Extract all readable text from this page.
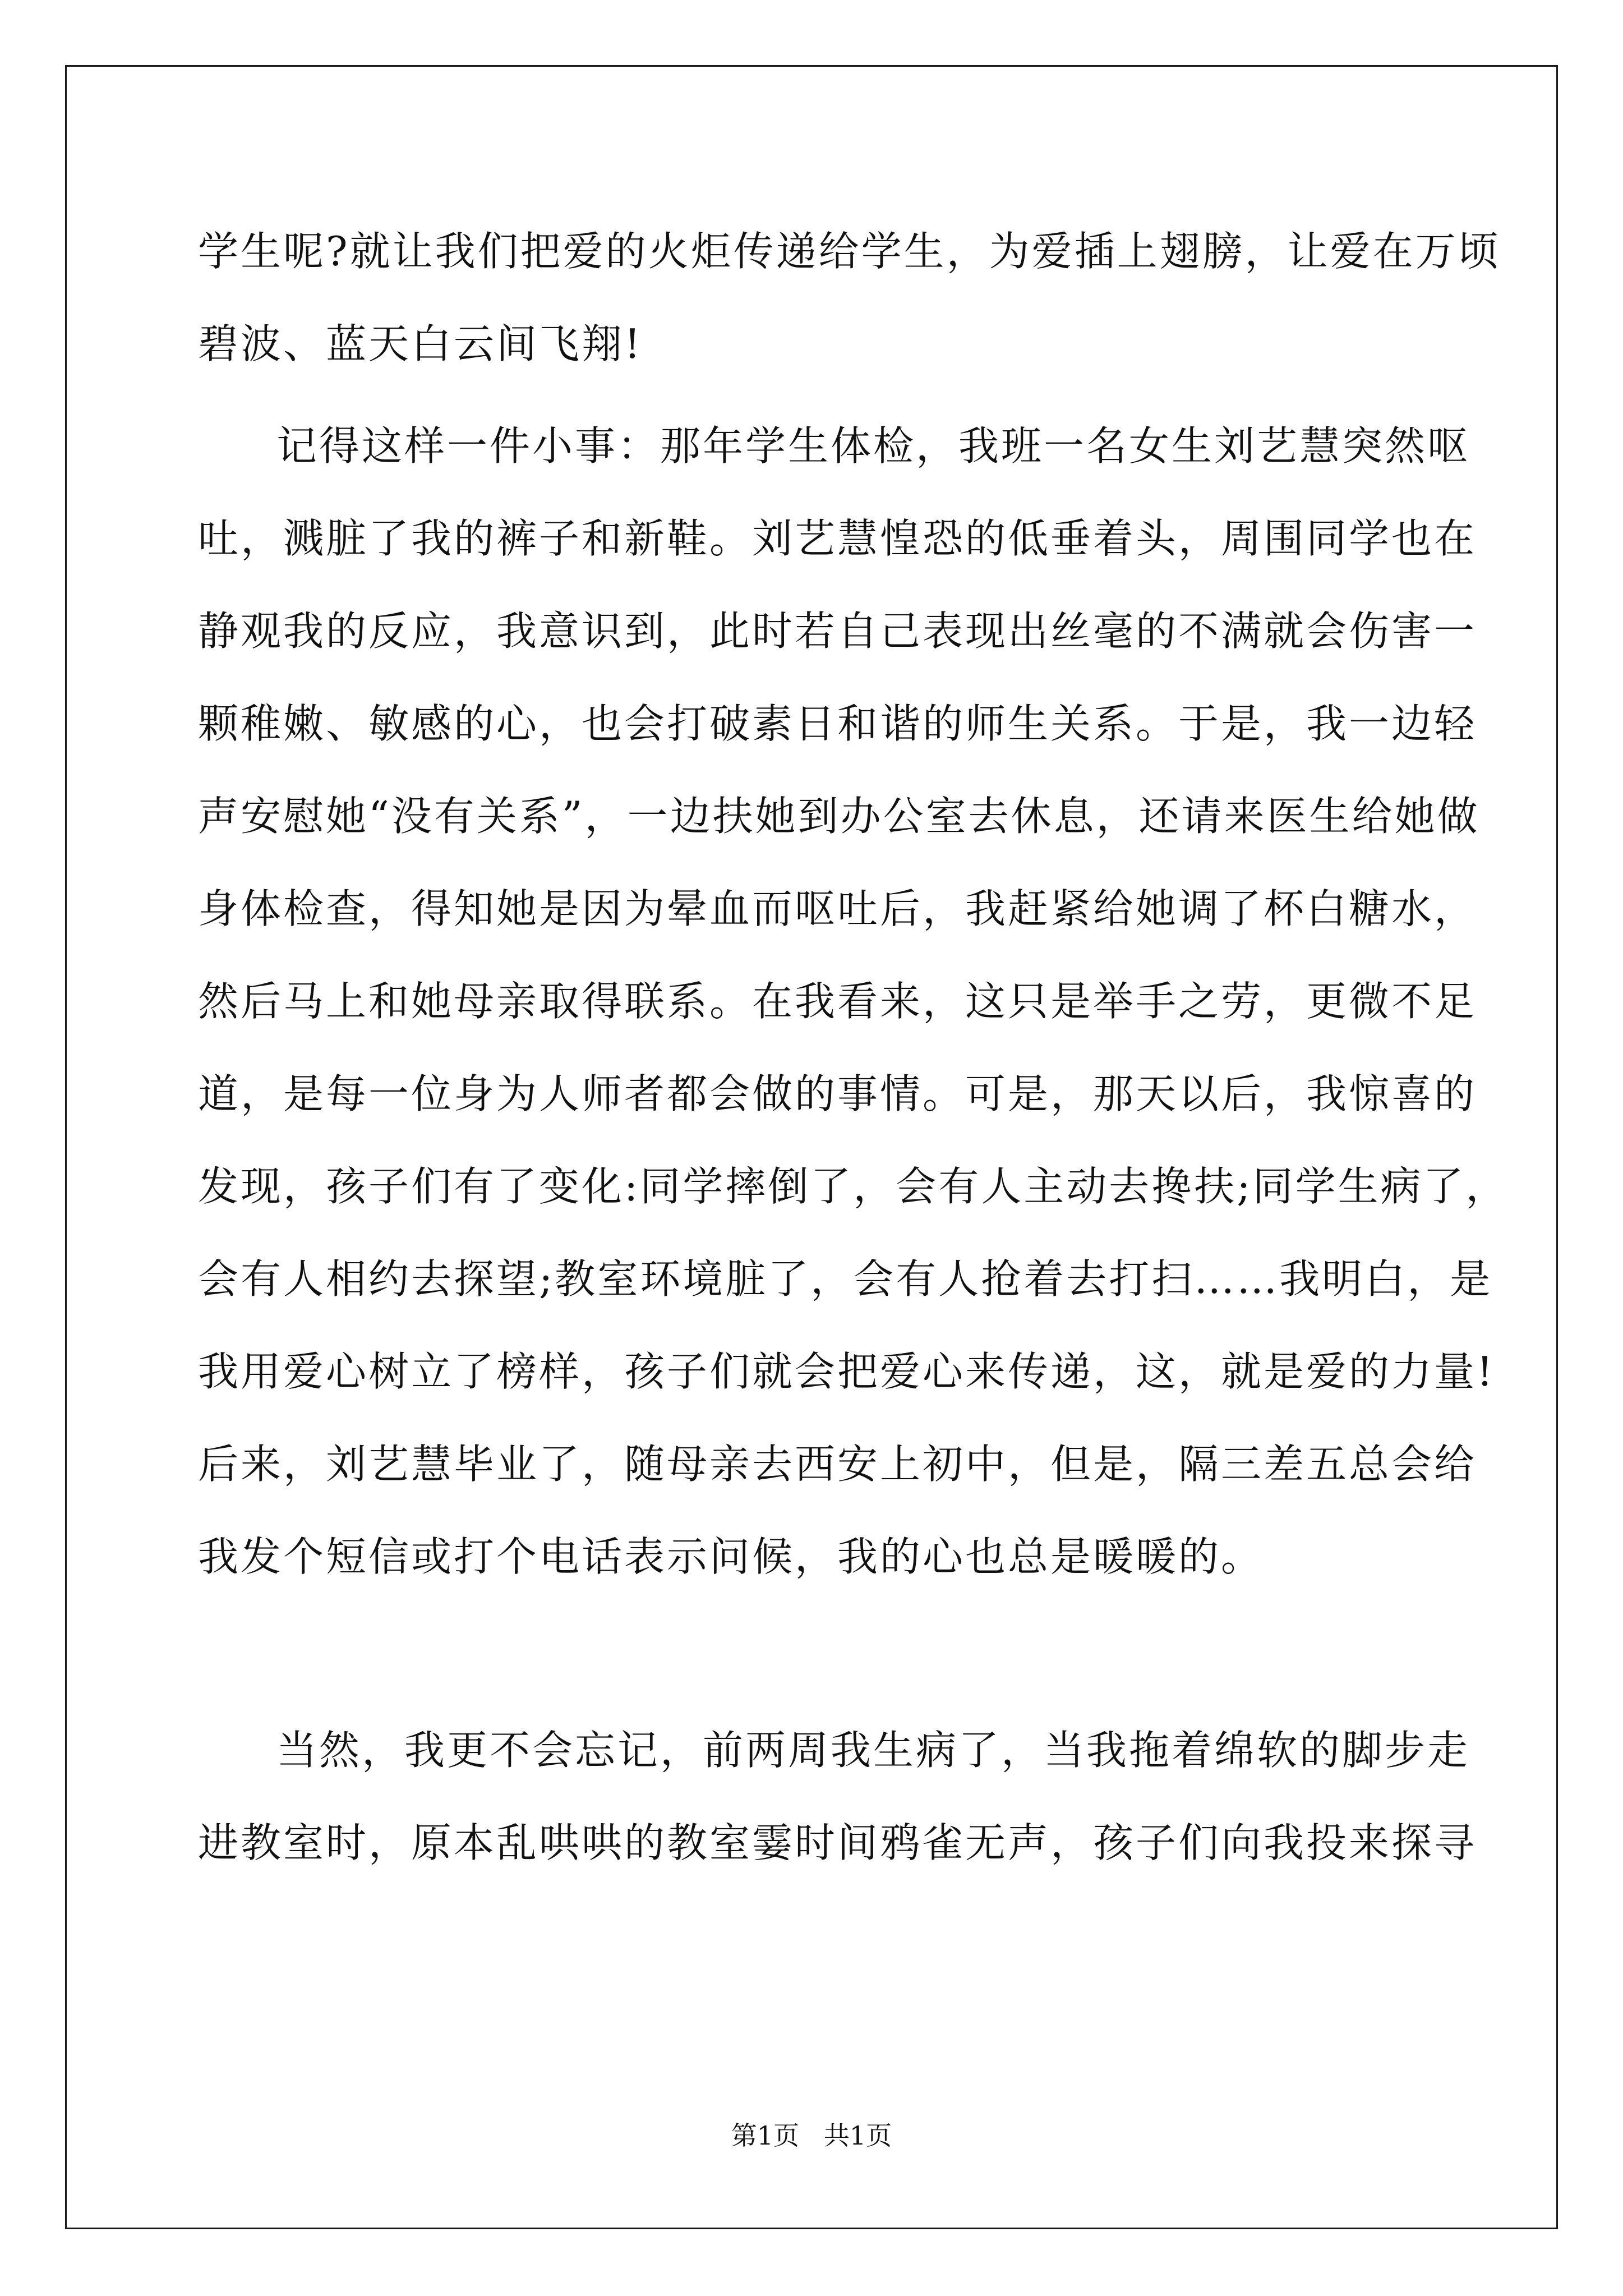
学生呢?就让我们把爱的火炬传递给学生，为爱插上翅膀，让爱在万顷
碧波、蓝天白云间飞翔!
记得这样一件小事：那年学生体检，我班一名女生刘艺慧突然呕
吐，溅脏了我的裤子和新鞋。刘艺慧惶恐的低垂着头，周围同学也在
静观我的反应，我意识到，此时若自己表现出丝毫的不满就会伤害一
颗稚嫩、敏感的心，也会打破素日和谐的师生关系。于是，我一边轻
声安慰她“没有关系”，一边扶她到办公室去休息，还请来医生给她做
身体检查，得知她是因为晕血而呕吐后，我赶紧给她调了杯白糖水，
然后马上和她母亲取得联系。在我看来，这只是举手之劳，更微不足
道，是每一位身为人师者都会做的事情。可是，那天以后，我惊喜的
发现，孩子们有了变化:同学摔倒了，会有人主动去搀扶;同学生病了，
会有人相约去探望;教室环境脏了，会有人抢着去打扫……我明白，是
我用爱心树立了榜样，孩子们就会把爱心来传递，这，就是爱的力量!
后来，刘艺慧毕业了，随母亲去西安上初中，但是，隔三差五总会给
我发个短信或打个电话表示问候，我的心也总是暖暖的。
当然，我更不会忘记，前两周我生病了，当我拖着绵软的脚步走
进教室时，原本乱哄哄的教室霎时间鸦雀无声，孩子们向我投来探寻
第1页   共1页
